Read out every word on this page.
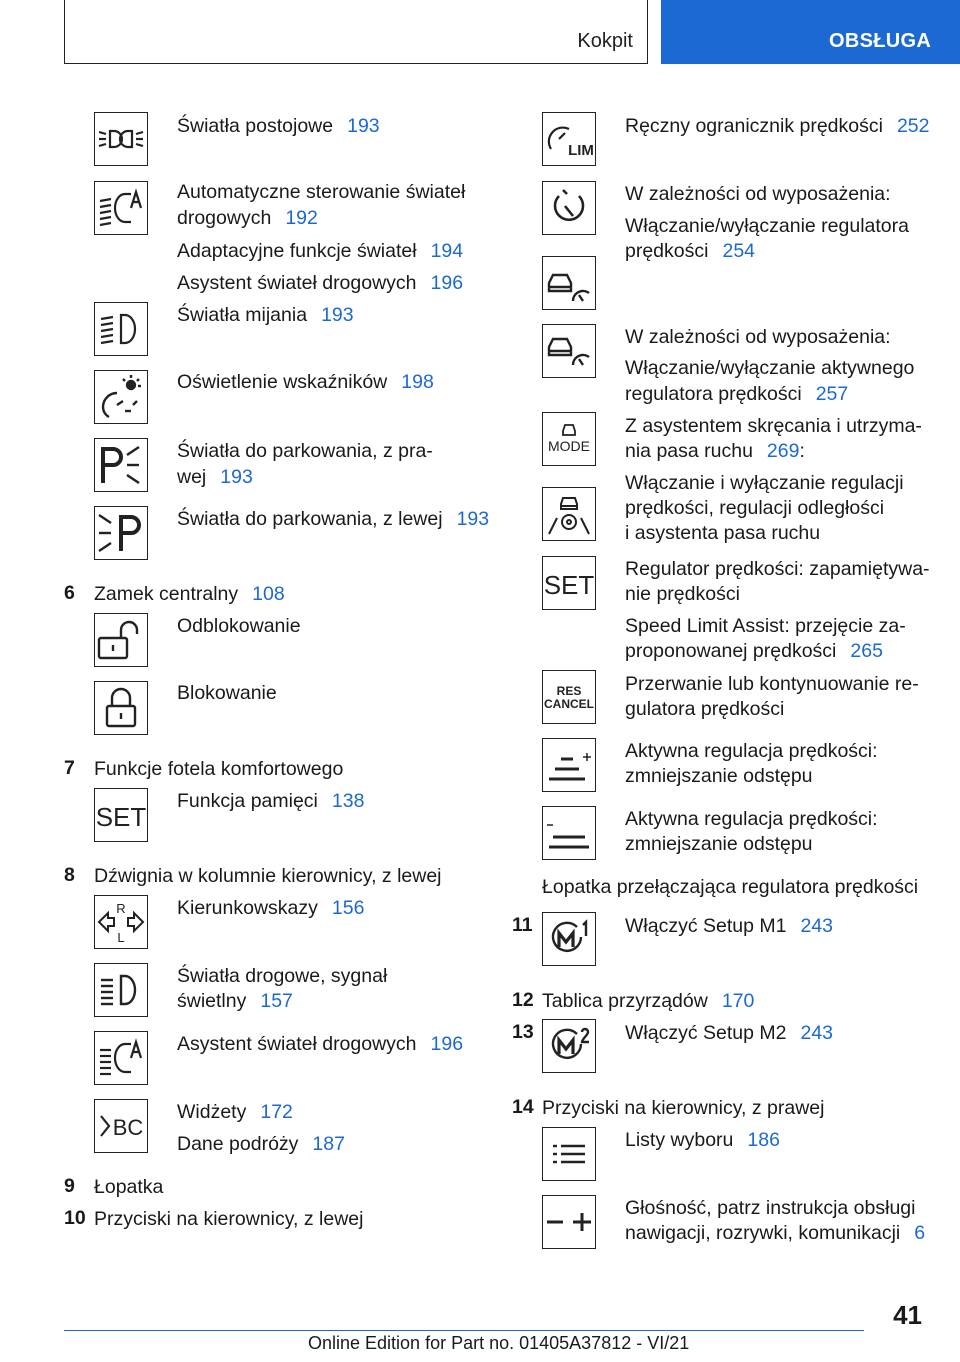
Kokpit	OBSŁUGA
Światła postojowe 193
Automatyczne sterowanie świateł
drogowych 192
Adaptacyjne funkcje świateł 194
Asystent świateł drogowych 196
Światła mijania 193
Oświetlenie wskaźników 198
Światła do parkowania, z pra-
wej 193
Światła do parkowania, z lewej 193
6 Zamek centralny 108
Odblokowanie
Blokowanie
7 Funkcje fotela komfortowego
SET
Funkcja pamięci 138
8 Dźwignia w kolumnie kierownicy, z lewej
R
L
Kierunkowskazy 156
Światła drogowe, sygnał
świetlny 157
Asystent świateł drogowych 196
BC
Widżety 172
Dane podróży 187
9 Łopatka
10 Przyciski na kierownicy, z lewej
LIM
Ręczny ogranicznik prędkości 252
W zależności od wyposażenia:
Włączanie/wyłączanie regulatora
prędkości 254
W zależności od wyposażenia:
Włączanie/wyłączanie aktywnego
regulatora prędkości 257
MODE
Z asystentem skręcania i utrzyma-
nia pasa ruchu 269:
Włączanie i wyłączanie regulacji
prędkości, regulacji odległości
i asystenta pasa ruchu
SET
Regulator prędkości: zapamiętywa-
nie prędkości
Speed Limit Assist: przejęcie za-
proponowanej prędkości 265
RES
CANCEL
Przerwanie lub kontynuowanie re-
gulatora prędkości
Aktywna regulacja prędkości:
zmniejszanie odstępu
Aktywna regulacja prędkości:
zmniejszanie odstępu
Łopatka przełączająca regulatora prędkości
11	Włączyć Setup M1 243
12 Tablica przyrządów 170
13	Włączyć Setup M2 243
14 Przyciski na kierownicy, z prawej
Listy wyboru 186
Głośność, patrz instrukcja obsługi
nawigacji, rozrywki, komunikacji 6
41
Online Edition for Part no. 01405A37812 - VI/21
